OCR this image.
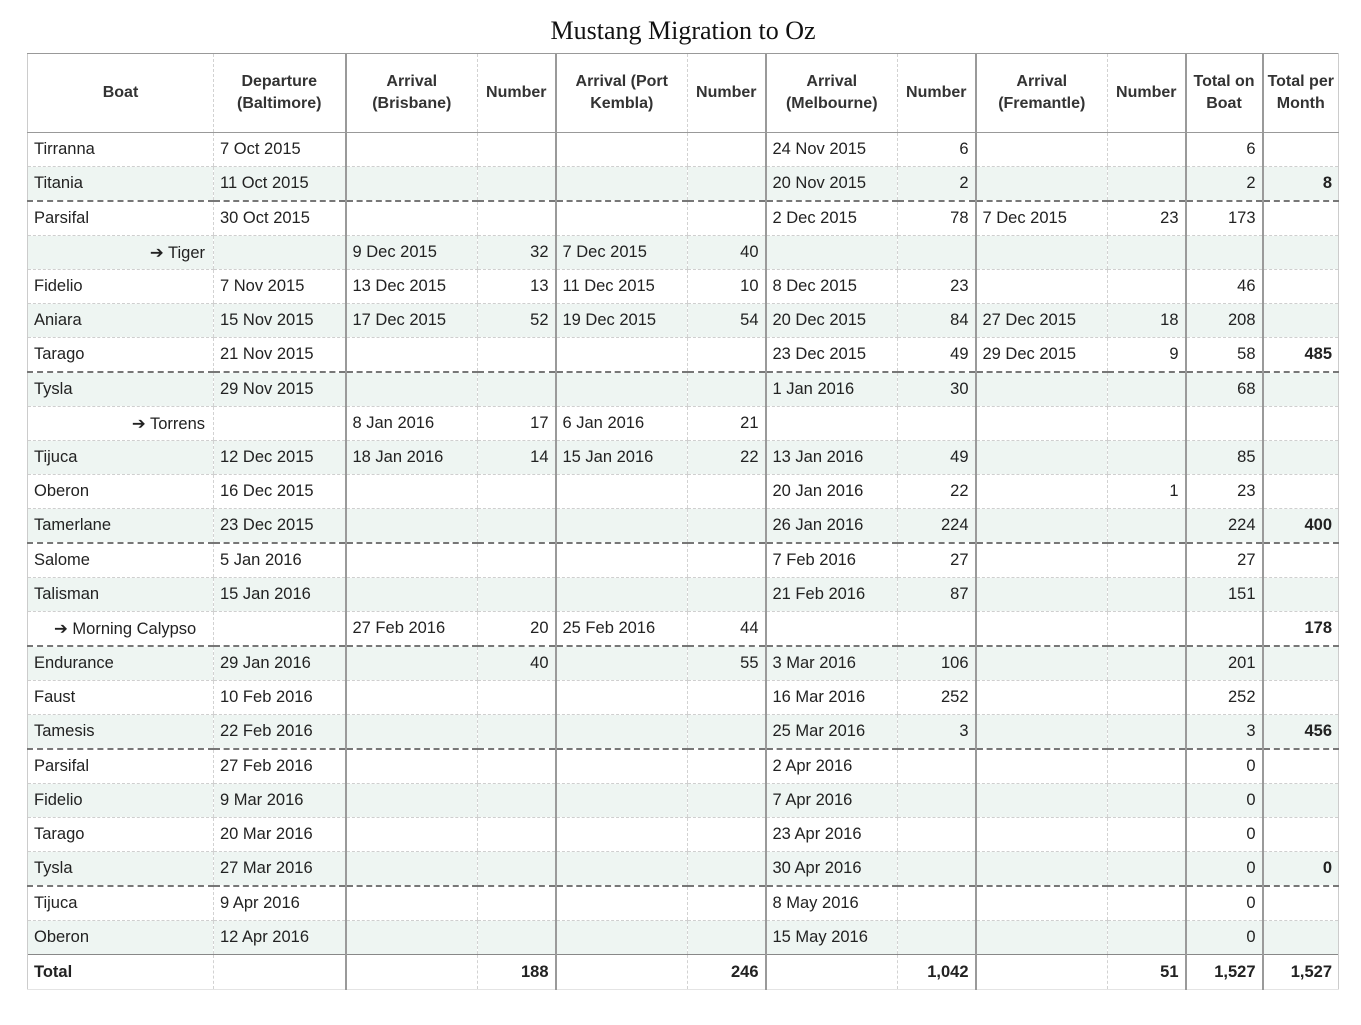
Mustang Migration to Oz
Boat	Departure (Baltimore)	Arrival (Brisbane)	Number	Arrival (Port Kembla)	Number	Arrival (Melbourne)	Number	Arrival (Fremantle)	Number	Total on Boat	Total per Month
Tirranna	7 Oct 2015					24 Nov 2015	6			6	
Titania	11 Oct 2015					20 Nov 2015	2			2	8
Parsifal	30 Oct 2015					2 Dec 2015	78	7 Dec 2015	23	173	
➔ Tiger		9 Dec 2015	32	7 Dec 2015	40						
Fidelio	7 Nov 2015	13 Dec 2015	13	11 Dec 2015	10	8 Dec 2015	23			46	
Aniara	15 Nov 2015	17 Dec 2015	52	19 Dec 2015	54	20 Dec 2015	84	27 Dec 2015	18	208	
Tarago	21 Nov 2015					23 Dec 2015	49	29 Dec 2015	9	58	485
Tysla	29 Nov 2015					1 Jan 2016	30			68	
➔ Torrens		8 Jan 2016	17	6 Jan 2016	21						
Tijuca	12 Dec 2015	18 Jan 2016	14	15 Jan 2016	22	13 Jan 2016	49			85	
Oberon	16 Dec 2015					20 Jan 2016	22		1	23	
Tamerlane	23 Dec 2015					26 Jan 2016	224			224	400
Salome	5 Jan 2016					7 Feb 2016	27			27	
Talisman	15 Jan 2016					21 Feb 2016	87			151	
➔ Morning Calypso		27 Feb 2016	20	25 Feb 2016	44						178
Endurance	29 Jan 2016		40		55	3 Mar 2016	106			201	
Faust	10 Feb 2016					16 Mar 2016	252			252	
Tamesis	22 Feb 2016					25 Mar 2016	3			3	456
Parsifal	27 Feb 2016					2 Apr 2016				0	
Fidelio	9 Mar 2016					7 Apr 2016				0	
Tarago	20 Mar 2016					23 Apr 2016				0	
Tysla	27 Mar 2016					30 Apr 2016				0	0
Tijuca	9 Apr 2016					8 May 2016				0	
Oberon	12 Apr 2016					15 May 2016				0	
Total			188		246		1,042		51	1,527	1,527
